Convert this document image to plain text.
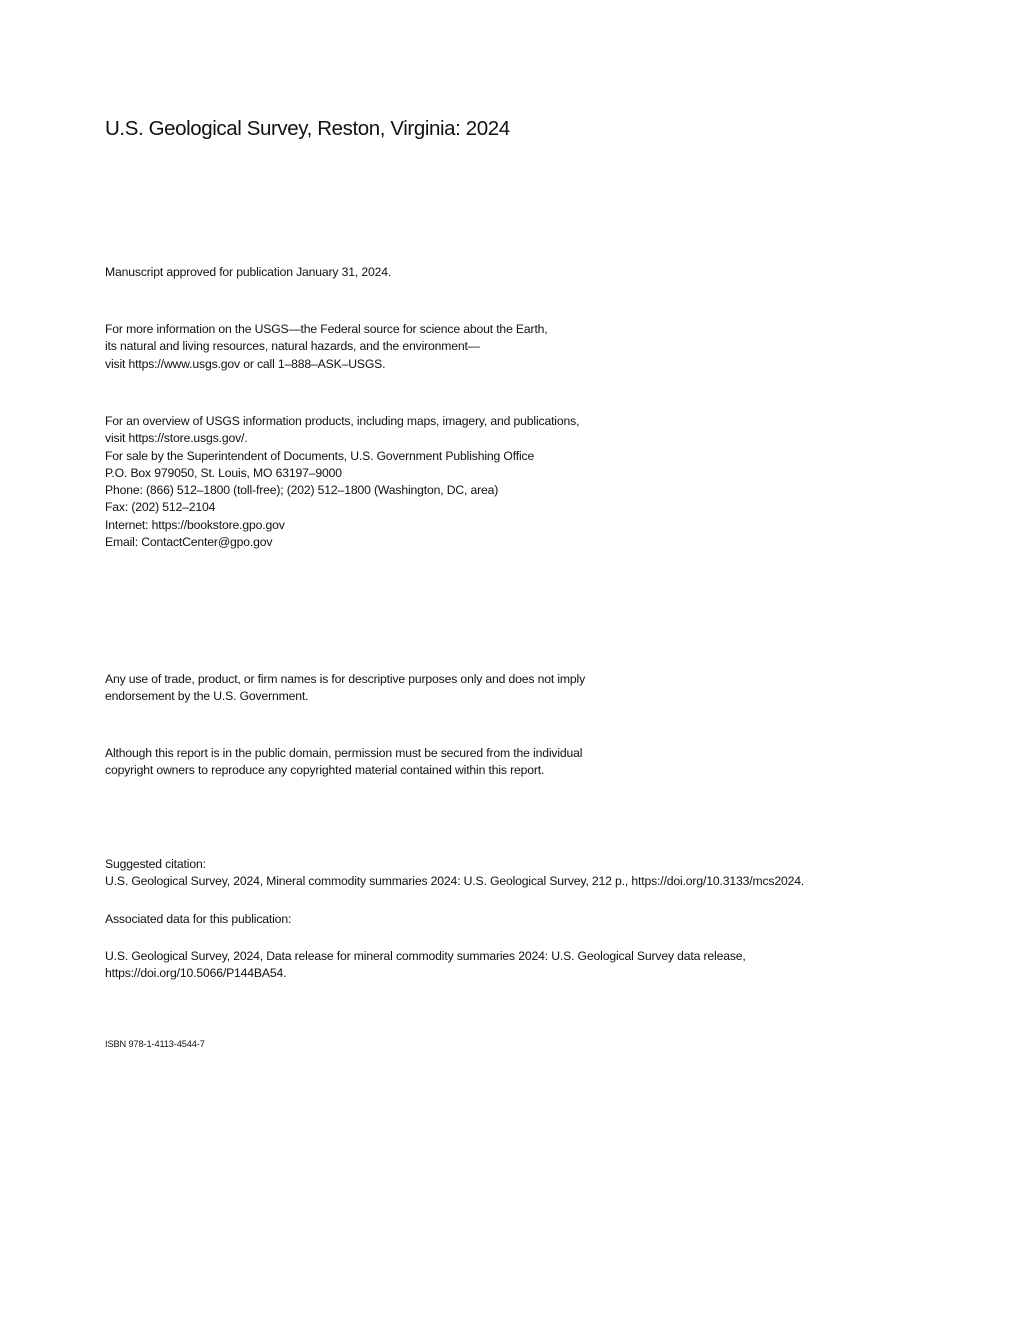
U.S. Geological Survey, Reston, Virginia: 2024
Manuscript approved for publication January 31, 2024.
For more information on the USGS—the Federal source for science about the Earth,
its natural and living resources, natural hazards, and the environment—
visit https://www.usgs.gov or call 1–888–ASK–USGS.
For an overview of USGS information products, including maps, imagery, and publications,
visit https://store.usgs.gov/.
For sale by the Superintendent of Documents, U.S. Government Publishing Office
P.O. Box 979050, St. Louis, MO 63197–9000
Phone: (866) 512–1800 (toll-free); (202) 512–1800 (Washington, DC, area)
Fax: (202) 512–2104
Internet: https://bookstore.gpo.gov
Email: ContactCenter@gpo.gov
Any use of trade, product, or firm names is for descriptive purposes only and does not imply
endorsement by the U.S. Government.
Although this report is in the public domain, permission must be secured from the individual
copyright owners to reproduce any copyrighted material contained within this report.
Suggested citation:
U.S. Geological Survey, 2024, Mineral commodity summaries 2024: U.S. Geological Survey, 212 p., https://doi.org/10.3133/mcs2024.
Associated data for this publication:
U.S. Geological Survey, 2024, Data release for mineral commodity summaries 2024: U.S. Geological Survey data release,
https://doi.org/10.5066/P144BA54.
ISBN 978-1-4113-4544-7
